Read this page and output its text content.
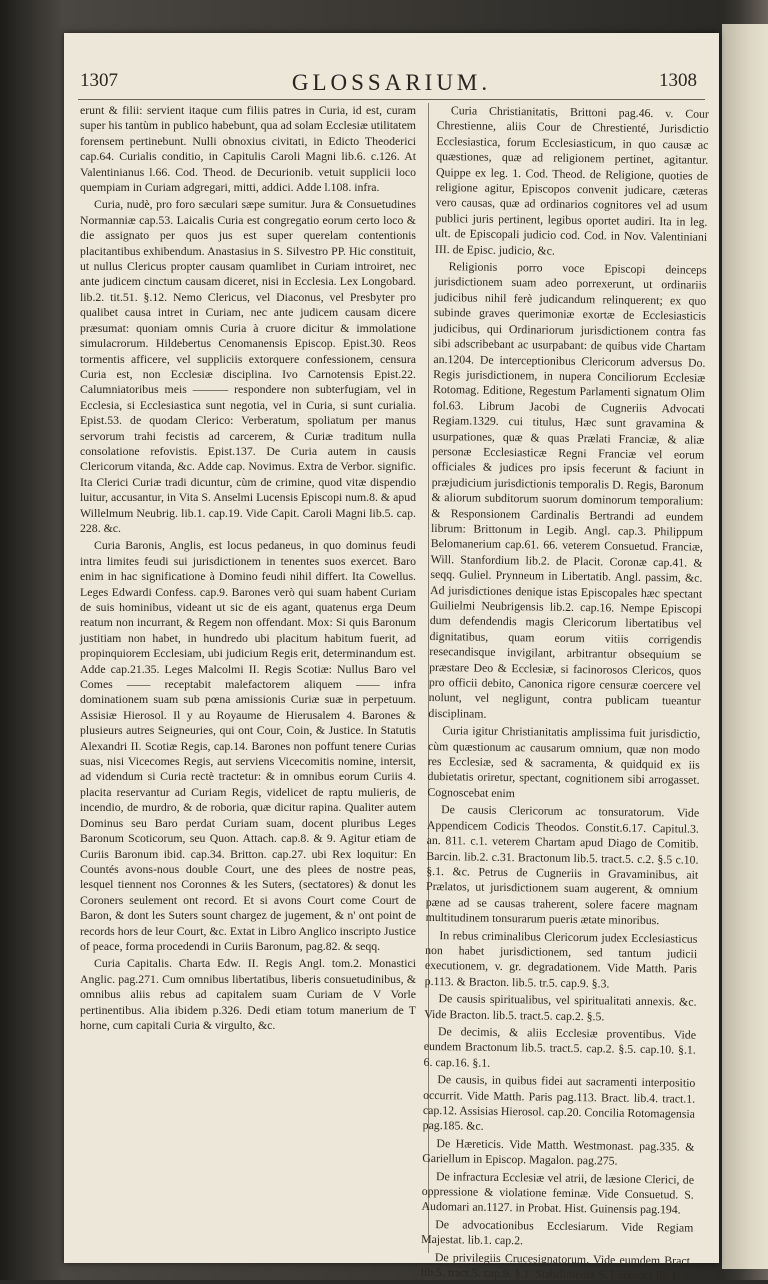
1307	GLOSSARIUM.	1308

erunt & filii: servient itaque cum filiis patres in Curia, id est, curam super his tantùm in publico habebunt, qua ad solam Ecclesiæ utilitatem forensem pertinebunt. Nulli obnoxius civitati, in Edicto Theoderici cap.64. Curialis conditio, in Capitulis Caroli Magni lib.6. c.126. At Valentinianus l.66. Cod. Theod. de Decurionib. vetuit supplicii loco quempiam in Curiam adgregari, mitti, addici. Adde l.108. infra.

Curia, nudè, pro foro sæculari sæpe sumitur. Jura & Consuetudines Normanniæ cap.53. Laicalis Curia est congregatio eorum certo loco & die assignato per quos jus est super querelam contentionis placitantibus exhibendum. Anastasius in S. Silvestro PP. Hic constituit, ut nullus Clericus propter causam quamlibet in Curiam introiret, nec ante judicem cinctum causam diceret, nisi in Ecclesia. Lex Longobard. lib.2. tit.51. §.12. Nemo Clericus, vel Diaconus, vel Presbyter pro qualibet causa intret in Curiam, nec ante judicem causam dicere præsumat: quoniam omnis Curia à cruore dicitur & immolatione simulacrorum. Hildebertus Cenomanensis Episcop. Epist.30. Reos tormentis afficere, vel suppliciis extorquere confessionem, censura Curia est, non Ecclesiæ disciplina. Ivo Carnotensis Epist.22. Calumniatoribus meis ——— respondere non subterfugiam, vel in Ecclesia, si Ecclesiastica sunt negotia, vel in Curia, si sunt curialia. Epist.53. de quodam Clerico: Verberatum, spoliatum per manus servorum trahi fecistis ad carcerem, & Curiæ traditum nulla consolatione refovistis. Epist.137. De Curia autem in causis Clericorum vitanda, &c. Adde cap. Novimus. Extra de Verbor. signific. Ita Clerici Curiæ tradi dicuntur, cùm de crimine, quod vitæ dispendio luitur, accusantur, in Vita S. Anselmi Lucensis Episcopi num.8. & apud Willelmum Neubrig. lib.1. cap.19. Vide Capit. Caroli Magni lib.5. cap. 228. &c.

Curia Baronis, Anglis, est locus pedaneus, in quo dominus feudi intra limites feudi sui jurisdictionem in tenentes suos exercet. Baro enim in hac significatione à Domino feudi nihil differt. Ita Cowellus. Leges Edwardi Confess. cap.9. Barones verò qui suam habent Curiam de suis hominibus, videant ut sic de eis agant, quatenus erga Deum reatum non incurrant, & Regem non offendant. Mox: Si quis Baronum justitiam non habet, in hundredo ubi placitum habitum fuerit, ad propinquiorem Ecclesiam, ubi judicium Regis erit, determinandum est. Adde cap.21.35. Leges Malcolmi II. Regis Scotiæ: Nullus Baro vel Comes —— receptabit malefactorem aliquem —— infra dominationem suam sub pœna amissionis Curiæ suæ in perpetuum. Assisiæ Hierosol. Il y au Royaume de Hierusalem 4. Barones & plusieurs autres Seigneuries, qui ont Cour, Coin, & Justice. In Statutis Alexandri II. Scotiæ Regis, cap.14. Barones non poffunt tenere Curias suas, nisi Vicecomes Regis, aut serviens Vicecomitis nomine, intersit, ad videndum si Curia rectè tractetur: & in omnibus eorum Curiis 4. placita reservantur ad Curiam Regis, videlicet de raptu mulieris, de incendio, de murdro, & de roboria, quæ dicitur rapina. Qualiter autem Dominus seu Baro perdat Curiam suam, docent pluribus Leges Baronum Scoticorum, seu Quon. Attach. cap.8. & 9. Agitur etiam de Curiis Baronum ibid. cap.34. Britton. cap.27. ubi Rex loquitur: En Countés avons-nous double Court, une des plees de nostre peas, lesquel tiennent nos Coronnes & les Suters, (sectatores) & donut les Coroners seulement ont record. Et si avons Court come Court de Baron, & dont les Suters sount chargez de jugement, & n' ont point de records hors de leur Court, &c. Extat in Libro Anglico inscripto Justice of peace, forma procedendi in Curiis Baronum, pag.82. & seqq.

Curia Capitalis. Charta Edw. II. Regis Angl. tom.2. Monastici Anglic. pag.271. Cum omnibus libertatibus, liberis consuetudinibus, & omnibus aliis rebus ad capitalem suam Curiam de V Vorle pertinentibus. Alia ibidem p.326. Dedi etiam totum manerium de T horne, cum capitali Curia & virgulto, &c.

Curia Christianitatis, Brittoni pag.46. v. Cour Chrestienne, aliis Cour de Chrestienté, Jurisdictio Ecclesiastica, forum Ecclesiasticum, in quo causæ ac quæstiones, quæ ad religionem pertinet, agitantur. Quippe ex leg. 1. Cod. Theod. de Religione, quoties de religione agitur, Episcopos convenit judicare, cæteras vero causas, quæ ad ordinarios cognitores vel ad usum publici juris pertinent, legibus oportet audiri. Ita in leg. ult. de Episcopali judicio cod. Cod. in Nov. Valentiniani III. de Episc. judicio, &c.

Religionis porro voce Episcopi deinceps jurisdictionem suam adeo porrexerunt, ut ordinariis judicibus nihil ferè judicandum relinquerent; ex quo subinde graves querimoniæ exortæ de Ecclesiasticis judicibus, qui Ordinariorum jurisdictionem contra fas sibi adscribebant ac usurpabant: de quibus vide Chartam an.1204. De interceptionibus Clericorum adversus Do. Regis jurisdictionem, in nupera Conciliorum Ecclesiæ Rotomag. Editione, Regestum Parlamenti signatum Olim fol.63. Librum Jacobi de Cugneriis Advocati Regiam.1329. cui titulus, Hæc sunt gravamina & usurpationes, quæ & quas Prælati Franciæ, & aliæ personæ Ecclesiasticæ Regni Franciæ vel eorum officiales & judices pro ipsis fecerunt & faciunt in præjudicium jurisdictionis temporalis D. Regis, Baronum & aliorum subditorum suorum dominorum temporalium: & Responsionem Cardinalis Bertrandi ad eundem librum: Brittonum in Legib. Angl. cap.3. Philippum Belomanerium cap.61. 66. veterem Consuetud. Franciæ, Will. Stanfordium lib.2. de Placit. Coronæ cap.41. & seqq. Guliel. Prynneum in Libertatib. Angl. passim, &c. Ad jurisdictiones denique istas Episcopales hæc spectant Guilielmi Neubrigensis lib.2. cap.16. Nempe Episcopi dum defendendis magis Clericorum libertatibus vel dignitatibus, quam eorum vitiis corrigendis resecandisque invigilant, arbitrantur obsequium se præstare Deo & Ecclesiæ, si facinorosos Clericos, quos pro officii debito, Canonica rigore censuræ coercere vel nolunt, vel negligunt, contra publicam tueantur disciplinam.

Curia igitur Christianitatis amplissima fuit jurisdictio, cùm quæstionum ac causarum omnium, quæ non modo res Ecclesiæ, sed & sacramenta, & quidquid ex iis dubietatis oriretur, spectant, cognitionem sibi arrogasset. Cognoscebat enim

De causis Clericorum ac tonsuratorum. Vide Appendicem Codicis Theodos. Constit.6.17. Capitul.3. an. 811. c.1. veterem Chartam apud Diago de Comitib. Barcin. lib.2. c.31. Bractonum lib.5. tract.5. c.2. §.5 c.10. §.1. &c. Petrus de Cugneriis in Gravaminibus, ait Prælatos, ut jurisdictionem suam augerent, & omnium pæne ad se causas traherent, solere facere magnam multitudinem tonsurarum pueris ætate minoribus.

In rebus criminalibus Clericorum judex Ecclesiasticus non habet jurisdictionem, sed tantum judicii executionem, v. gr. degradationem. Vide Matth. Paris p.113. & Bracton. lib.5. tr.5. cap.9. §.3.

De causis spiritualibus, vel spiritualitati annexis. &c. Vide Bracton. lib.5. tract.5. cap.2. §.5.

De decimis, & aliis Ecclesiæ proventibus. Vide eundem Bractonum lib.5. tract.5. cap.2. §.5. cap.10. §.1. 6. cap.16. §.1.

De causis, in quibus fidei aut sacramenti interpositio occurrit. Vide Matth. Paris pag.113. Bract. lib.4. tract.1. cap.12. Assisias Hierosol. cap.20. Concilia Rotomagensia pag.185. &c.

De Hæreticis. Vide Matth. Westmonast. pag.335. & Gariellum in Episcop. Magalon. pag.275.

De infractura Ecclesiæ vel atrii, de læsione Clerici, de oppressione & violatione feminæ. Vide Consuetud. S. Audomari an.1127. in Probat. Hist. Guinensis pag.194.

De advocationibus Ecclesiarum. Vide Regiam Majestat. lib.1. cap.2.

De privilegiis Crucesignatorum. Vide eumdem Bract. lib.5. tract.5. cap.9. §.1. Stabilimenta S. Ludovici lib.1.
